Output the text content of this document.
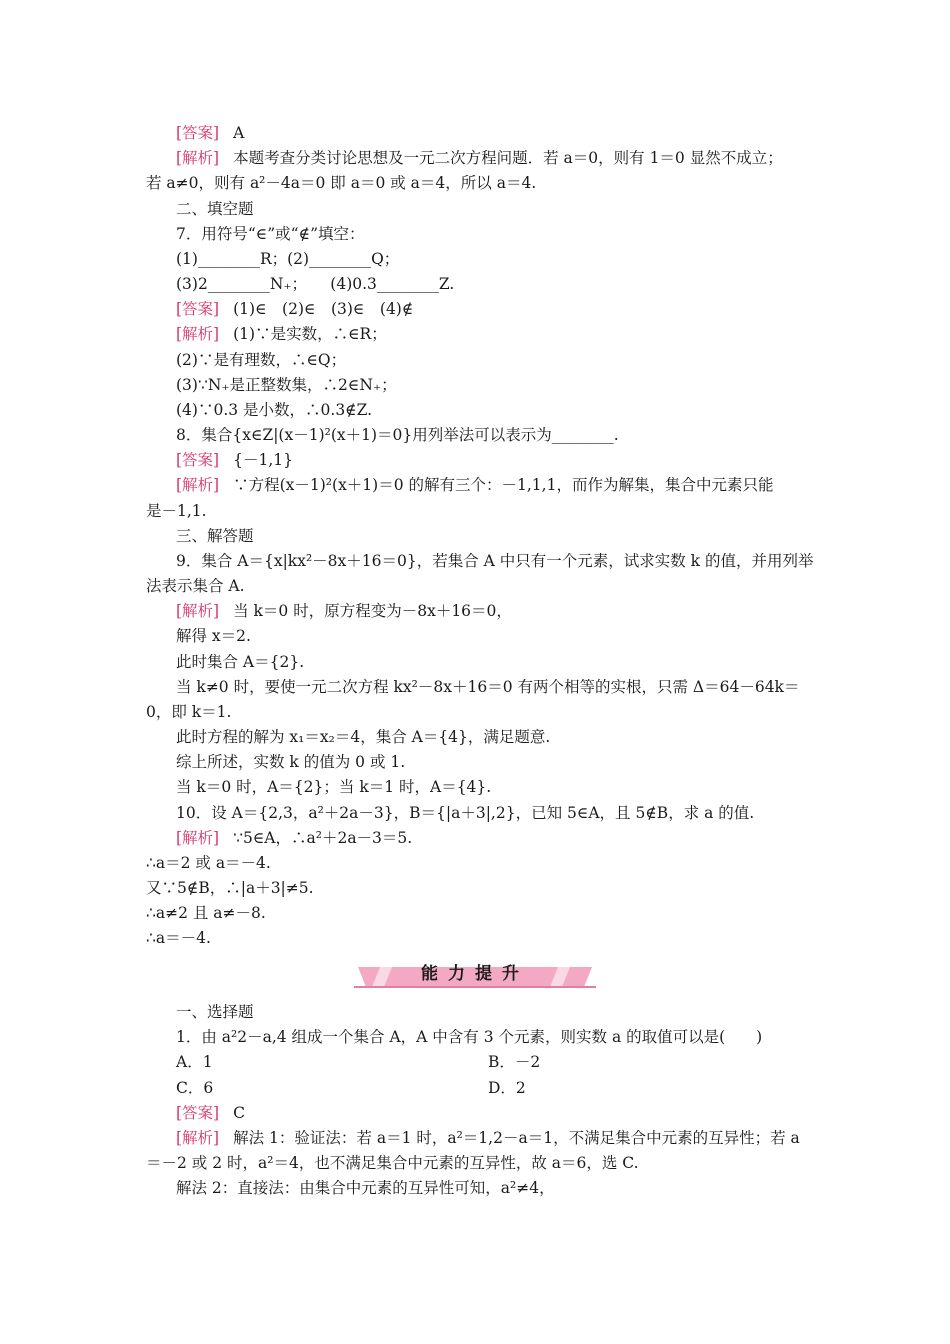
[答案] A
[解析] 本题考查分类讨论思想及一元二次方程问题．若 a＝0，则有 1＝0 显然不成立；
若 a≠0，则有 a²－4a＝0 即 a＝0 或 a＝4，所以 a＝4.
二、填空题
7．用符号“∈”或“∉”填空：
(1)________R；(2)________Q；
(3)2________N₊；　　(4)0.3________Z.
[答案] (1)∈　(2)∈　(3)∈　(4)∉
[解析] (1)∵是实数，∴∈R；
(2)∵是有理数，∴∈Q；
(3)∵N₊是正整数集，∴2∈N₊；
(4)∵0.3 是小数，∴0.3∉Z.
8．集合{x∈Z|(x－1)²(x＋1)＝0}用列举法可以表示为________.
[答案] {－1,1}
[解析] ∵方程(x－1)²(x＋1)＝0 的解有三个：－1,1,1，而作为解集，集合中元素只能
是－1,1.
三、解答题
9．集合 A＝{x|kx²－8x＋16＝0}，若集合 A 中只有一个元素，试求实数 k 的值，并用列举
法表示集合 A.
[解析] 当 k＝0 时，原方程变为－8x＋16＝0，
解得 x＝2.
此时集合 A＝{2}.
当 k≠0 时，要使一元二次方程 kx²－8x＋16＝0 有两个相等的实根，只需 Δ＝64－64k＝
0，即 k＝1.
此时方程的解为 x₁＝x₂＝4，集合 A＝{4}，满足题意.
综上所述，实数 k 的值为 0 或 1.
当 k＝0 时，A＝{2}；当 k＝1 时，A＝{4}.
10．设 A＝{2,3，a²＋2a－3}，B＝{|a＋3|,2}，已知 5∈A，且 5∉B，求 a 的值.
[解析] ∵5∈A，∴a²＋2a－3＝5.
∴a＝2 或 a＝－4.
又∵5∉B，∴|a＋3|≠5.
∴a≠2 且 a≠－8.
∴a＝－4.
能力提升
一、选择题
1．由 a²2－a,4 组成一个集合 A，A 中含有 3 个元素，则实数 a 的取值可以是(　　)
A．1	B．－2
C．6	D．2
[答案] C
[解析] 解法 1：验证法：若 a＝1 时，a²＝1,2－a＝1，不满足集合中元素的互异性；若 a
＝－2 或 2 时，a²＝4，也不满足集合中元素的互异性，故 a＝6，选 C.
解法 2：直接法：由集合中元素的互异性可知，a²≠4，
